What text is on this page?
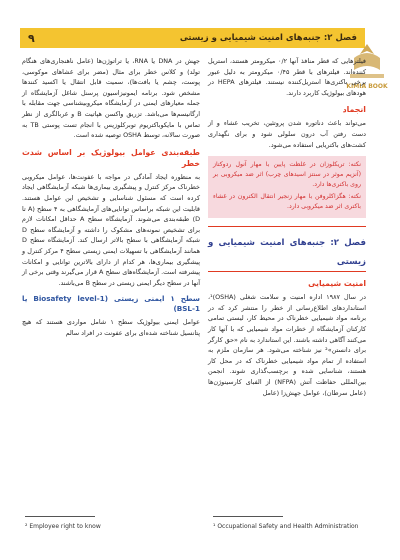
فصل ۲: جنبه‌های امنیت شیمیایی و زیستی
۹
KIMIA BOOK

فیلترهایی که قطر منافذ آنها ۰/۲ میکرومتر هستند، استریل کننده‌اند. فیلترهای با قطر ۰/۴۵ میکرومتر به دلیل عبور برخی باکتری‌ها استریل‌کننده نیستند. فیلترهای HEPA در هودهای بیولوژیک کاربرد دارند.

انجماد

می‌تواند باعث دناتوره شدن پروتئین، تخریب غشاء و از دست رفتن آب درون سلولی شود و برای نگهداری کشت‌های باکتریایی استفاده می‌شود.

نکته: تریکلوزان در غلظت پایین با مهار آنول ردوکتاز (آنزیم موثر در سنتز اسیدهای چرب) اثر ضد میکروبی بر روی باکتری‌ها دارد.

نکته: هگزاکلروفن با مهار زنجیر انتقال الکترون در غشاء باکتری اثر ضد میکروبی دارد.

فصل ۲: جنبه‌های امنیت شیمیایی و زیستی
امنیت شیمیایی

در سال ۱۹۸۷ اداره امنیت و سلامت شغلی (OSHA)¹، استانداردهای اطلاع‌رسانی از خطر را منتشر کرد که در برنامه مواد شیمیایی خطرناک در محیط کار، لیستی تمامی کارکنان آزمایشگاه از خطرات مواد شیمیایی که با آنها کار می‌کنند آگاهی داشته باشند. این استاندارد به نام «حق کارگر برای دانستن»² نیز شناخته می‌شود. هر سازمان ملزم به استفاده از تمام مواد شیمیایی خطرناک که در محل کار هستند، شناسایی شده و برچسب‌گذاری شوند. انجمن بین‌المللی حفاظت آتش (NFPA) از الفبای کارسینوژن‌ها (عامل سرطان)، عوامل جهش‌زا (عامل

جهش در DNA یا RNA، یا تراتوژن‌ها (عامل ناهنجاری‌های هنگام تولد) و کلاس خطر برای مثال (مضر برای غشاهای موکوسی، پوست، چشم یا بافت‌ها)، سمیت قابل انتقال یا اکسید کنندها مشخص شود. برنامه ایمونیزاسیون پرسنل شاغل آزمایشگاه از جمله معیارهای ایمنی در آزمایشگاه میکروبیشناسی جهت مقابله با ارگانیسم‌ها می‌باشد. تزریق واکسن هپاتیت B و غربالگری از نظر تماس با مایکوباکتریوم توبرکلوزیس با انجام تست پوستی TB به صورت سالانه، توسط OSHA توصیه شده است.

طبقه‌بندی عوامل بیولوژیک بر اساس شدت خطر

به منظوره ایجاد آمادگی در مواجه با عفونت‌ها، عوامل میکروبی خطرناک مرکز کنترل و پیشگیری بیماری‌ها شبکه آزمایشگاهی ایجاد کرده است که مسئول شناسایی و تشخیص این عوامل هستند. قابلیت این شبکه براساس توانایی‌های آزمایشگاهی به ۴ سطح (A تا D) طبقه‌بندی می‌شوند. آزمایشگاه سطح A حداقل امکانات لازم برای تشخیص نمونه‌های مشکوک را داشته و آزمایشگاه سطح D شبکه آزمایشگاهی با سطح بالاتر ارسال کند. آزمایشگاه سطح D همانند آزمایشگاهی با تسهیلات ایمنی زیستی سطح ۴ مرکز کنترل و پیشگیری بیماری‌ها، هر کدام از دارای بالاترین توانایی و امکانات پیشرفته است. آزمایشگاه‌های سطح A قرار می‌گیرند وقتی برخی از آنها در سطح دیگر ایمنی زیستی در سطح B می‌باشند.

سطح ۱ ایمنی زیستی (Biosafety level-1 یا BSL-1)

عوامل ایمنی بیولوژیک سطح ۱ شامل مواردی هستند که هیچ پتانسیل شناخته شده‌ای برای عفونت در افراد سالم

² Employee right to know	¹ Occupational Safety and Health Administration
